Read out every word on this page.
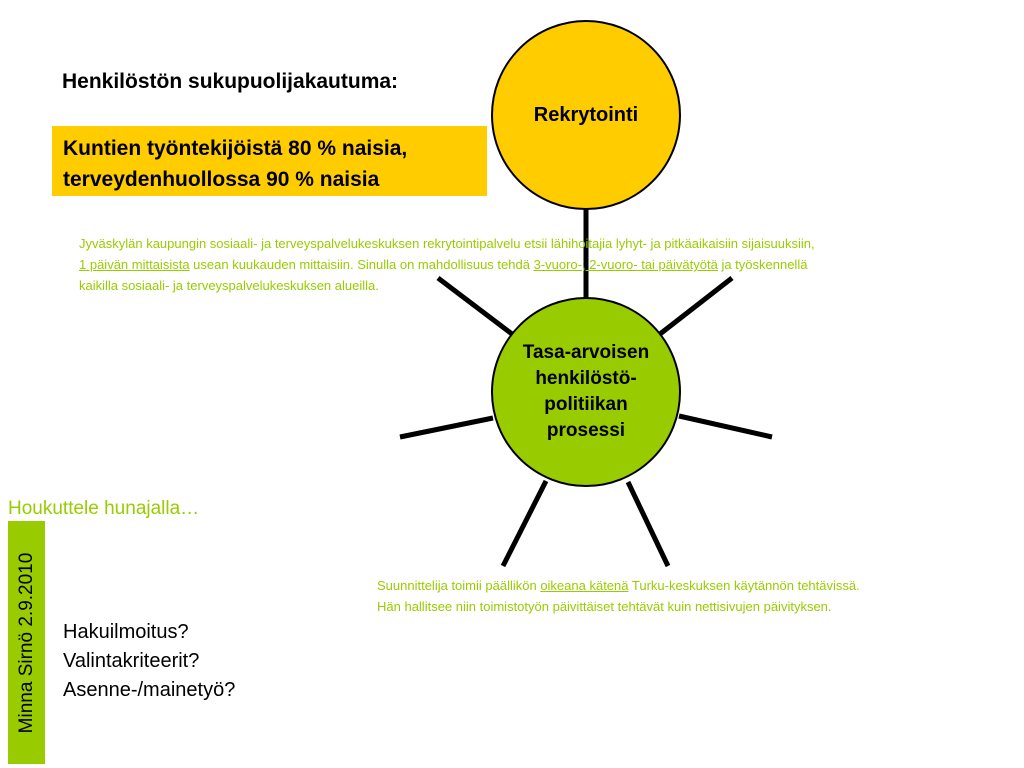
Henkilöstön sukupuolijakautuma:
Kuntien työntekijöistä 80 % naisia,
terveydenhuollossa 90 % naisia
Rekrytointi
Tasa-arvoisen
henkilöstö-
politiikan
prosessi
Jyväskylän kaupungin sosiaali- ja terveyspalvelukeskuksen rekrytointipalvelu etsii lähihoitajia lyhyt- ja pitkäaikaisiin sijaisuuksiin,
1 päivän mittaisista usean kuukauden mittaisiin. Sinulla on mahdollisuus tehdä 3-vuoro-, 2-vuoro- tai päivätyötä ja työskennellä
kaikilla sosiaali- ja terveyspalvelukeskuksen alueilla.
Suunnittelija toimii päällikön oikeana kätenä Turku-keskuksen käytännön tehtävissä.
Hän hallitsee niin toimistotyön päivittäiset tehtävät kuin nettisivujen päivityksen.
Houkuttele hunajalla…
Minna Sirnö 2.9.2010 Hakuilmoitus?
Valintakriteerit?
Asenne-/mainetyö?
